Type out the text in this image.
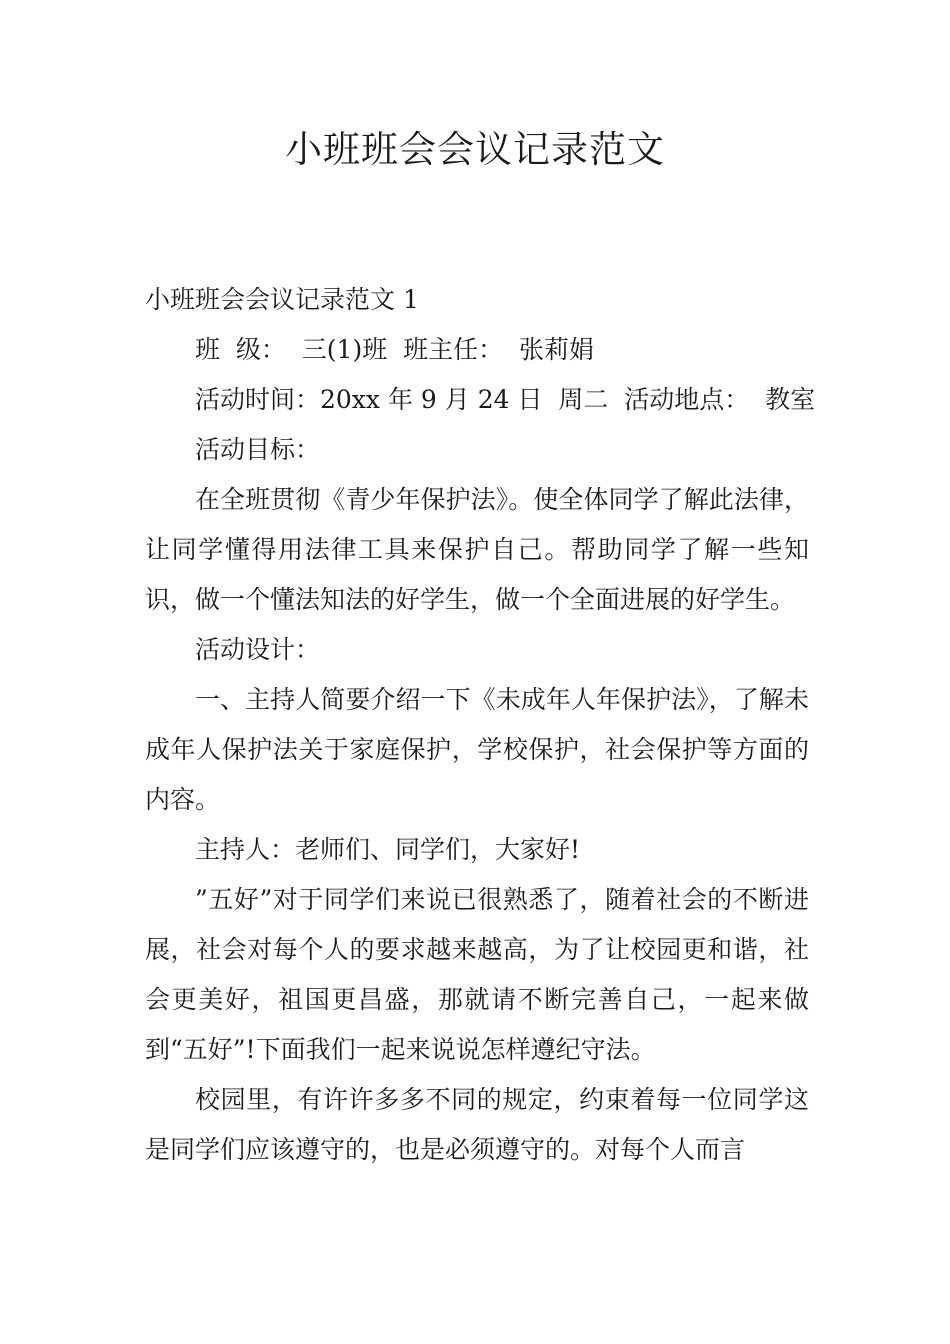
小班班会会议记录范文

小班班会会议记录范文 1

班  级：  三(1)班  班主任：  张莉娟

活动时间：20xx 年 9 月 24 日  周二  活动地点：  教室

活动目标：

在全班贯彻《青少年保护法》。使全体同学了解此法律，让同学懂得用法律工具来保护自己。帮助同学了解一些知识，做一个懂法知法的好学生，做一个全面进展的好学生。

活动设计：

一、主持人简要介绍一下《未成年人年保护法》，了解未成年人保护法关于家庭保护，学校保护，社会保护等方面的内容。

主持人：老师们、同学们，大家好!

”五好”对于同学们来说已很熟悉了，随着社会的不断进展，社会对每个人的要求越来越高，为了让校园更和谐，社会更美好，祖国更昌盛，那就请不断完善自己，一起来做到“五好”!下面我们一起来说说怎样遵纪守法。

校园里，有许许多多不同的规定，约束着每一位同学这是同学们应该遵守的，也是必须遵守的。对每个人而言
